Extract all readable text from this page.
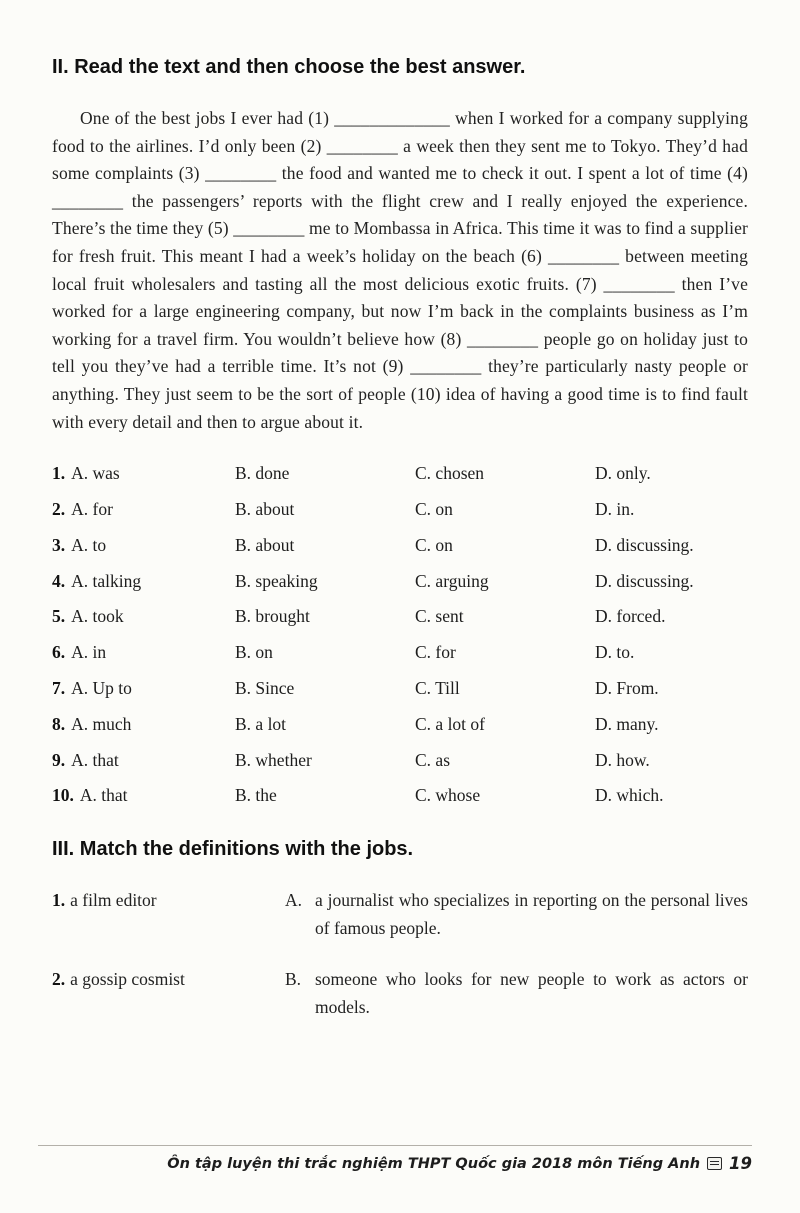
II. Read the text and then choose the best answer.
One of the best jobs I ever had (1) _____________ when I worked for a company supplying food to the airlines. I’d only been (2) ________ a week then they sent me to Tokyo. They’d had some complaints (3) ________ the food and wanted me to check it out. I spent a lot of time (4) ________ the passengers’ reports with the flight crew and I really enjoyed the experience. There’s the time they (5) ________ me to Mombassa in Africa. This time it was to find a supplier for fresh fruit. This meant I had a week’s holiday on the beach (6) ________ between meeting local fruit wholesalers and tasting all the most delicious exotic fruits. (7) ________ then I’ve worked for a large engineering company, but now I’m back in the complaints business as I’m working for a travel firm. You wouldn’t believe how (8) ________ people go on holiday just to tell you they’ve had a terrible time. It’s not (9) ________ they’re particularly nasty people or anything. They just seem to be the sort of people (10) idea of having a good time is to find fault with every detail and then to argue about it.
1. A. was	B. done	C. chosen	D. only.
2. A. for	B. about	C. on	D. in.
3. A. to	B. about	C. on	D. discussing.
4. A. talking	B. speaking	C. arguing	D. discussing.
5. A. took	B. brought	C. sent	D. forced.
6. A. in	B. on	C. for	D. to.
7. A. Up to	B. Since	C. Till	D. From.
8. A. much	B. a lot	C. a lot of	D. many.
9. A. that	B. whether	C. as	D. how.
10. A. that	B. the	C. whose	D. which.
III. Match the definitions with the jobs.
1. a film editor	A. a journalist who specializes in reporting on the personal lives of famous people.
2. a gossip cosmist	B. someone who looks for new people to work as actors or models.
Ôn tập luyện thi trắc nghiệm THPT Quốc gia 2018 môn Tiếng Anh 19
